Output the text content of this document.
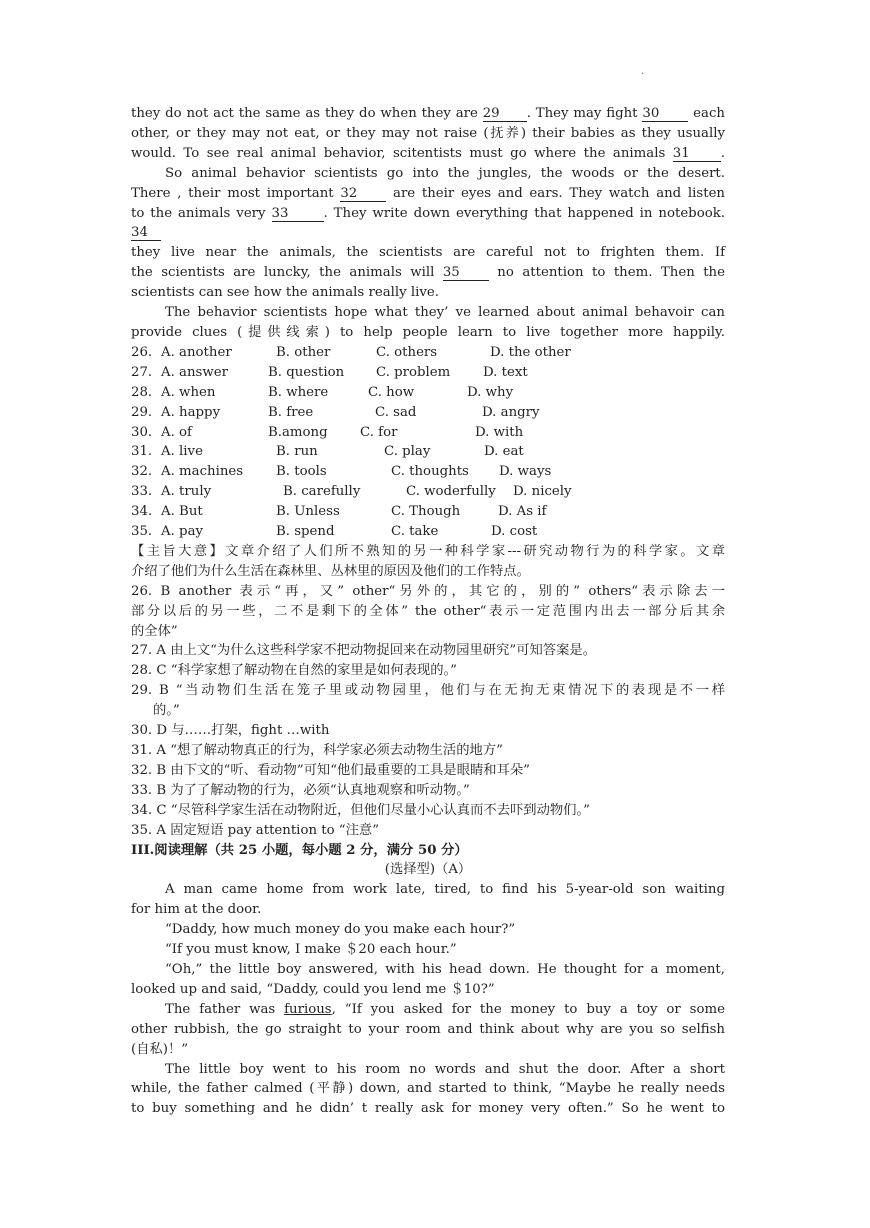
.
they do not act the same as they do when they are 29 . They may fight 30 each
other, or they may not eat, or they may not raise (抚养) their babies as they usually
would. To see real animal behavior, scitentists must go where the animals 31 .
So animal behavior scientists go into the jungles, the woods or the desert.
There , their most important 32 are their eyes and ears. They watch and listen
to the animals very 33	. They write down everything that happened in notebook.
34
they live near the animals, the scientists are careful not to frighten them. If
the scientists are luncky, the animals will 35 no attention to them. Then the
scientists can see how the animals really live.
The behavior scientists hope what they’ ve learned about animal behavoir can
provide clues (提供线索) to help people learn to live together more happily.
26. A. another	B. other	C. others	D. the other
27. A. answer	B. question C. problem D. text
28. A. when	B. where	C. how	D. why
29. A. happy	B. free	C. sad	D. angry
30. A. of	B.among C. for	D. with
31. A. live	B. run	C. play	D. eat
32. A. machines B. tools	C. thoughts D. ways
33. A. truly	B. carefully	C. woderfully D. nicely
34. A. But	B. Unless	C. Though	D. As if
35. A. pay	B. spend	C. take	D. cost
【主旨大意】文章介绍了人们所不熟知的另一种科学家---研究动物行为的科学家。文章
介绍了他们为什么生活在森林里、丛林里的原因及他们的工作特点。
26. B another 表示“再，又” other“另外的，其它的，别的” others“表示除去一
部分以后的另一些，二不是剩下的全体” the other“表示一定范围内出去一部分后其余
的全体”
27. A 由上文“为什么这些科学家不把动物捉回来在动物园里研究”可知答案是。
28. C “科学家想了解动物在自然的家里是如何表现的。”
29. B “当动物们生活在笼子里或动物园里，他们与在无拘无束情况下的表现是不一样
的。”
30. D 与……打架，fight …with
31. A “想了解动物真正的行为，科学家必须去动物生活的地方”
32. B 由下文的“听、看动物”可知“他们最重要的工具是眼睛和耳朵”
33. B 为了了解动物的行为，必须“认真地观察和听动物。”
34. C “尽管科学家生活在动物附近，但他们尽量小心认真而不去吓到动物们。”
35. A 固定短语 pay attention to “注意”
III.阅读理解（共 25 小题，每小题 2 分，满分 50 分）
(选择型)（A）
A man came home from work late, tired, to find his 5-year-old son waiting
for him at the door.
“Daddy, how much money do you make each hour?”
“If you must know, I make ＄20 each hour.”
“Oh,” the little boy answered, with his head down. He thought for a moment,
looked up and said, “Daddy, could you lend me ＄10?”
The father was furious, “If you asked for the money to buy a toy or some
other rubbish, the go straight to your room and think about why are you so selfish
(自私)！”
The little boy went to his room no words and shut the door. After a short
while, the father calmed (平静) down, and started to think, “Maybe he really needs
to buy something and he didn’ t really ask for money very often.” So he went to
